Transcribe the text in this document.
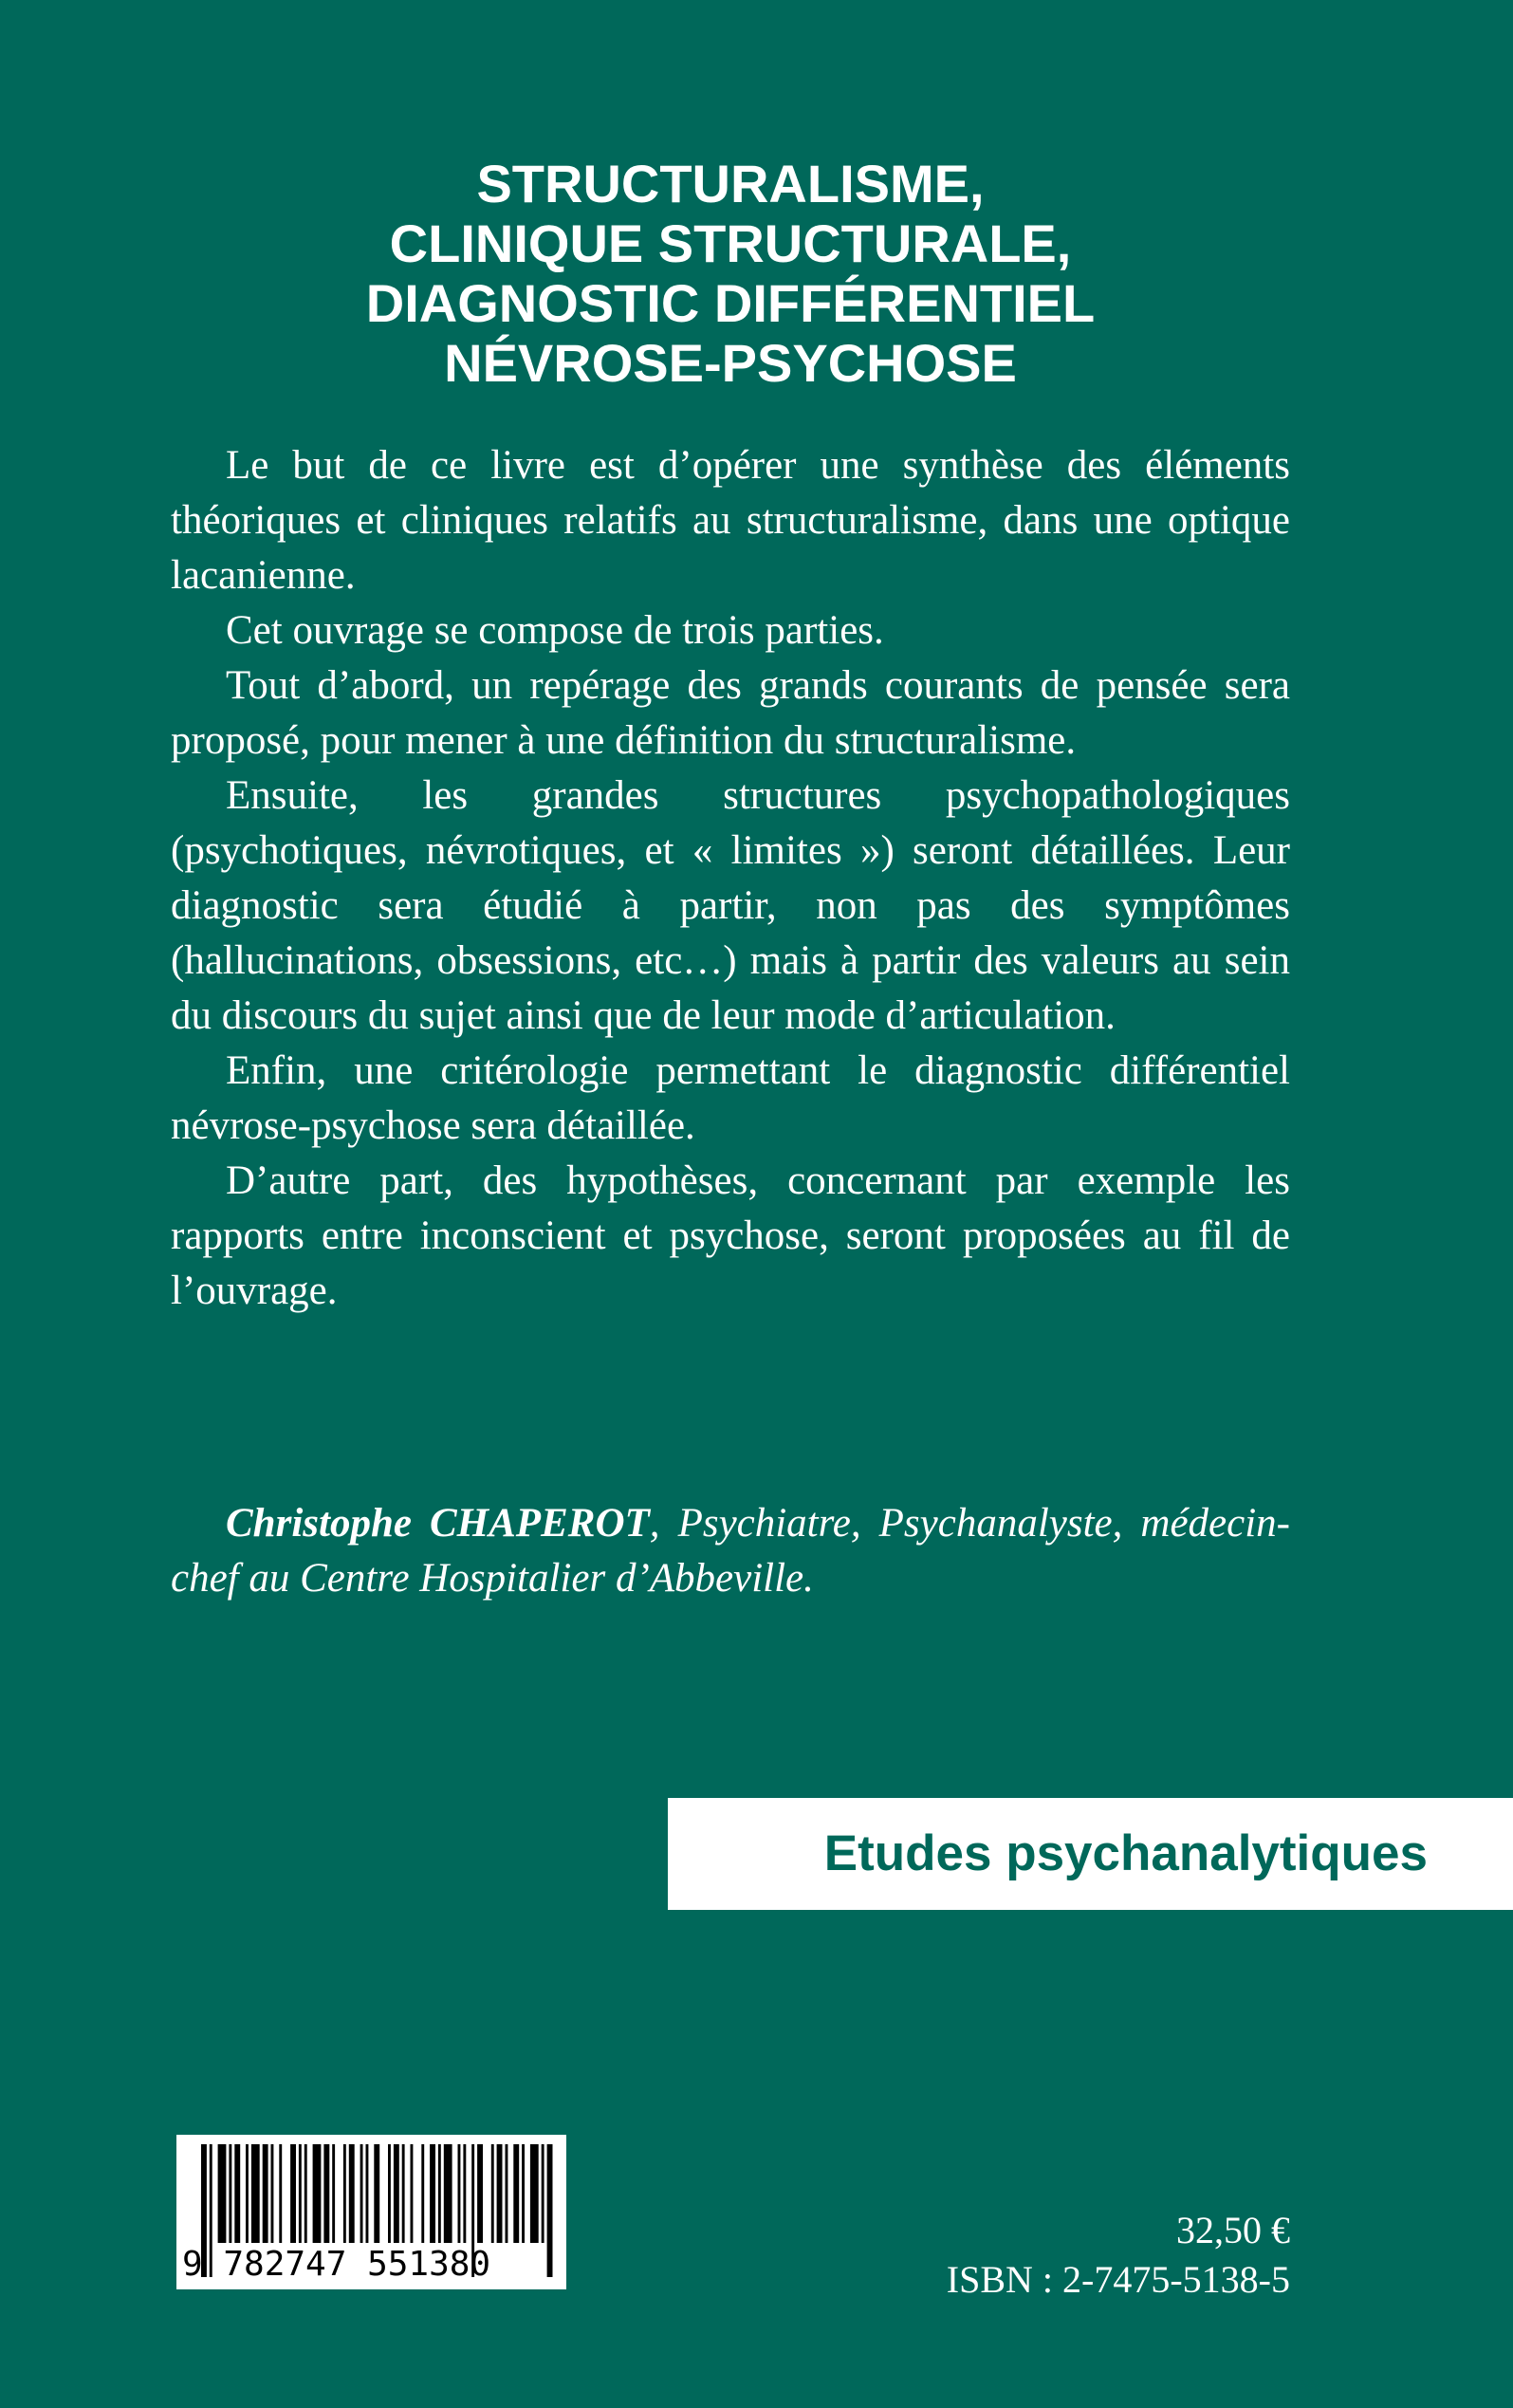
STRUCTURALISME,
CLINIQUE STRUCTURALE,
DIAGNOSTIC DIFFÉRENTIEL
NÉVROSE-PSYCHOSE

Le but de ce livre est d’opérer une synthèse des éléments théoriques et cliniques relatifs au structuralisme, dans une optique lacanienne.

Cet ouvrage se compose de trois parties.

Tout d’abord, un repérage des grands courants de pensée sera proposé, pour mener à une définition du structuralisme.

Ensuite, les grandes structures psychopathologiques (psychotiques, névrotiques, et « limites ») seront détaillées. Leur diagnostic sera étudié à partir, non pas des symptômes (hallucinations, obsessions, etc…) mais à partir des valeurs au sein du discours du sujet ainsi que de leur mode d’articulation.

Enfin, une critérologie permettant le diagnostic différentiel névrose-psychose sera détaillée.

D’autre part, des hypothèses, concernant par exemple les rapports entre inconscient et psychose, seront proposées au fil de l’ouvrage.

Christophe CHAPEROT, Psychiatre, Psychanalyste, médecin-chef au Centre Hospitalier d’Abbeville.

Etudes psychanalytiques
9 782747 551380
32,50 €
ISBN : 2-7475-5138-5
